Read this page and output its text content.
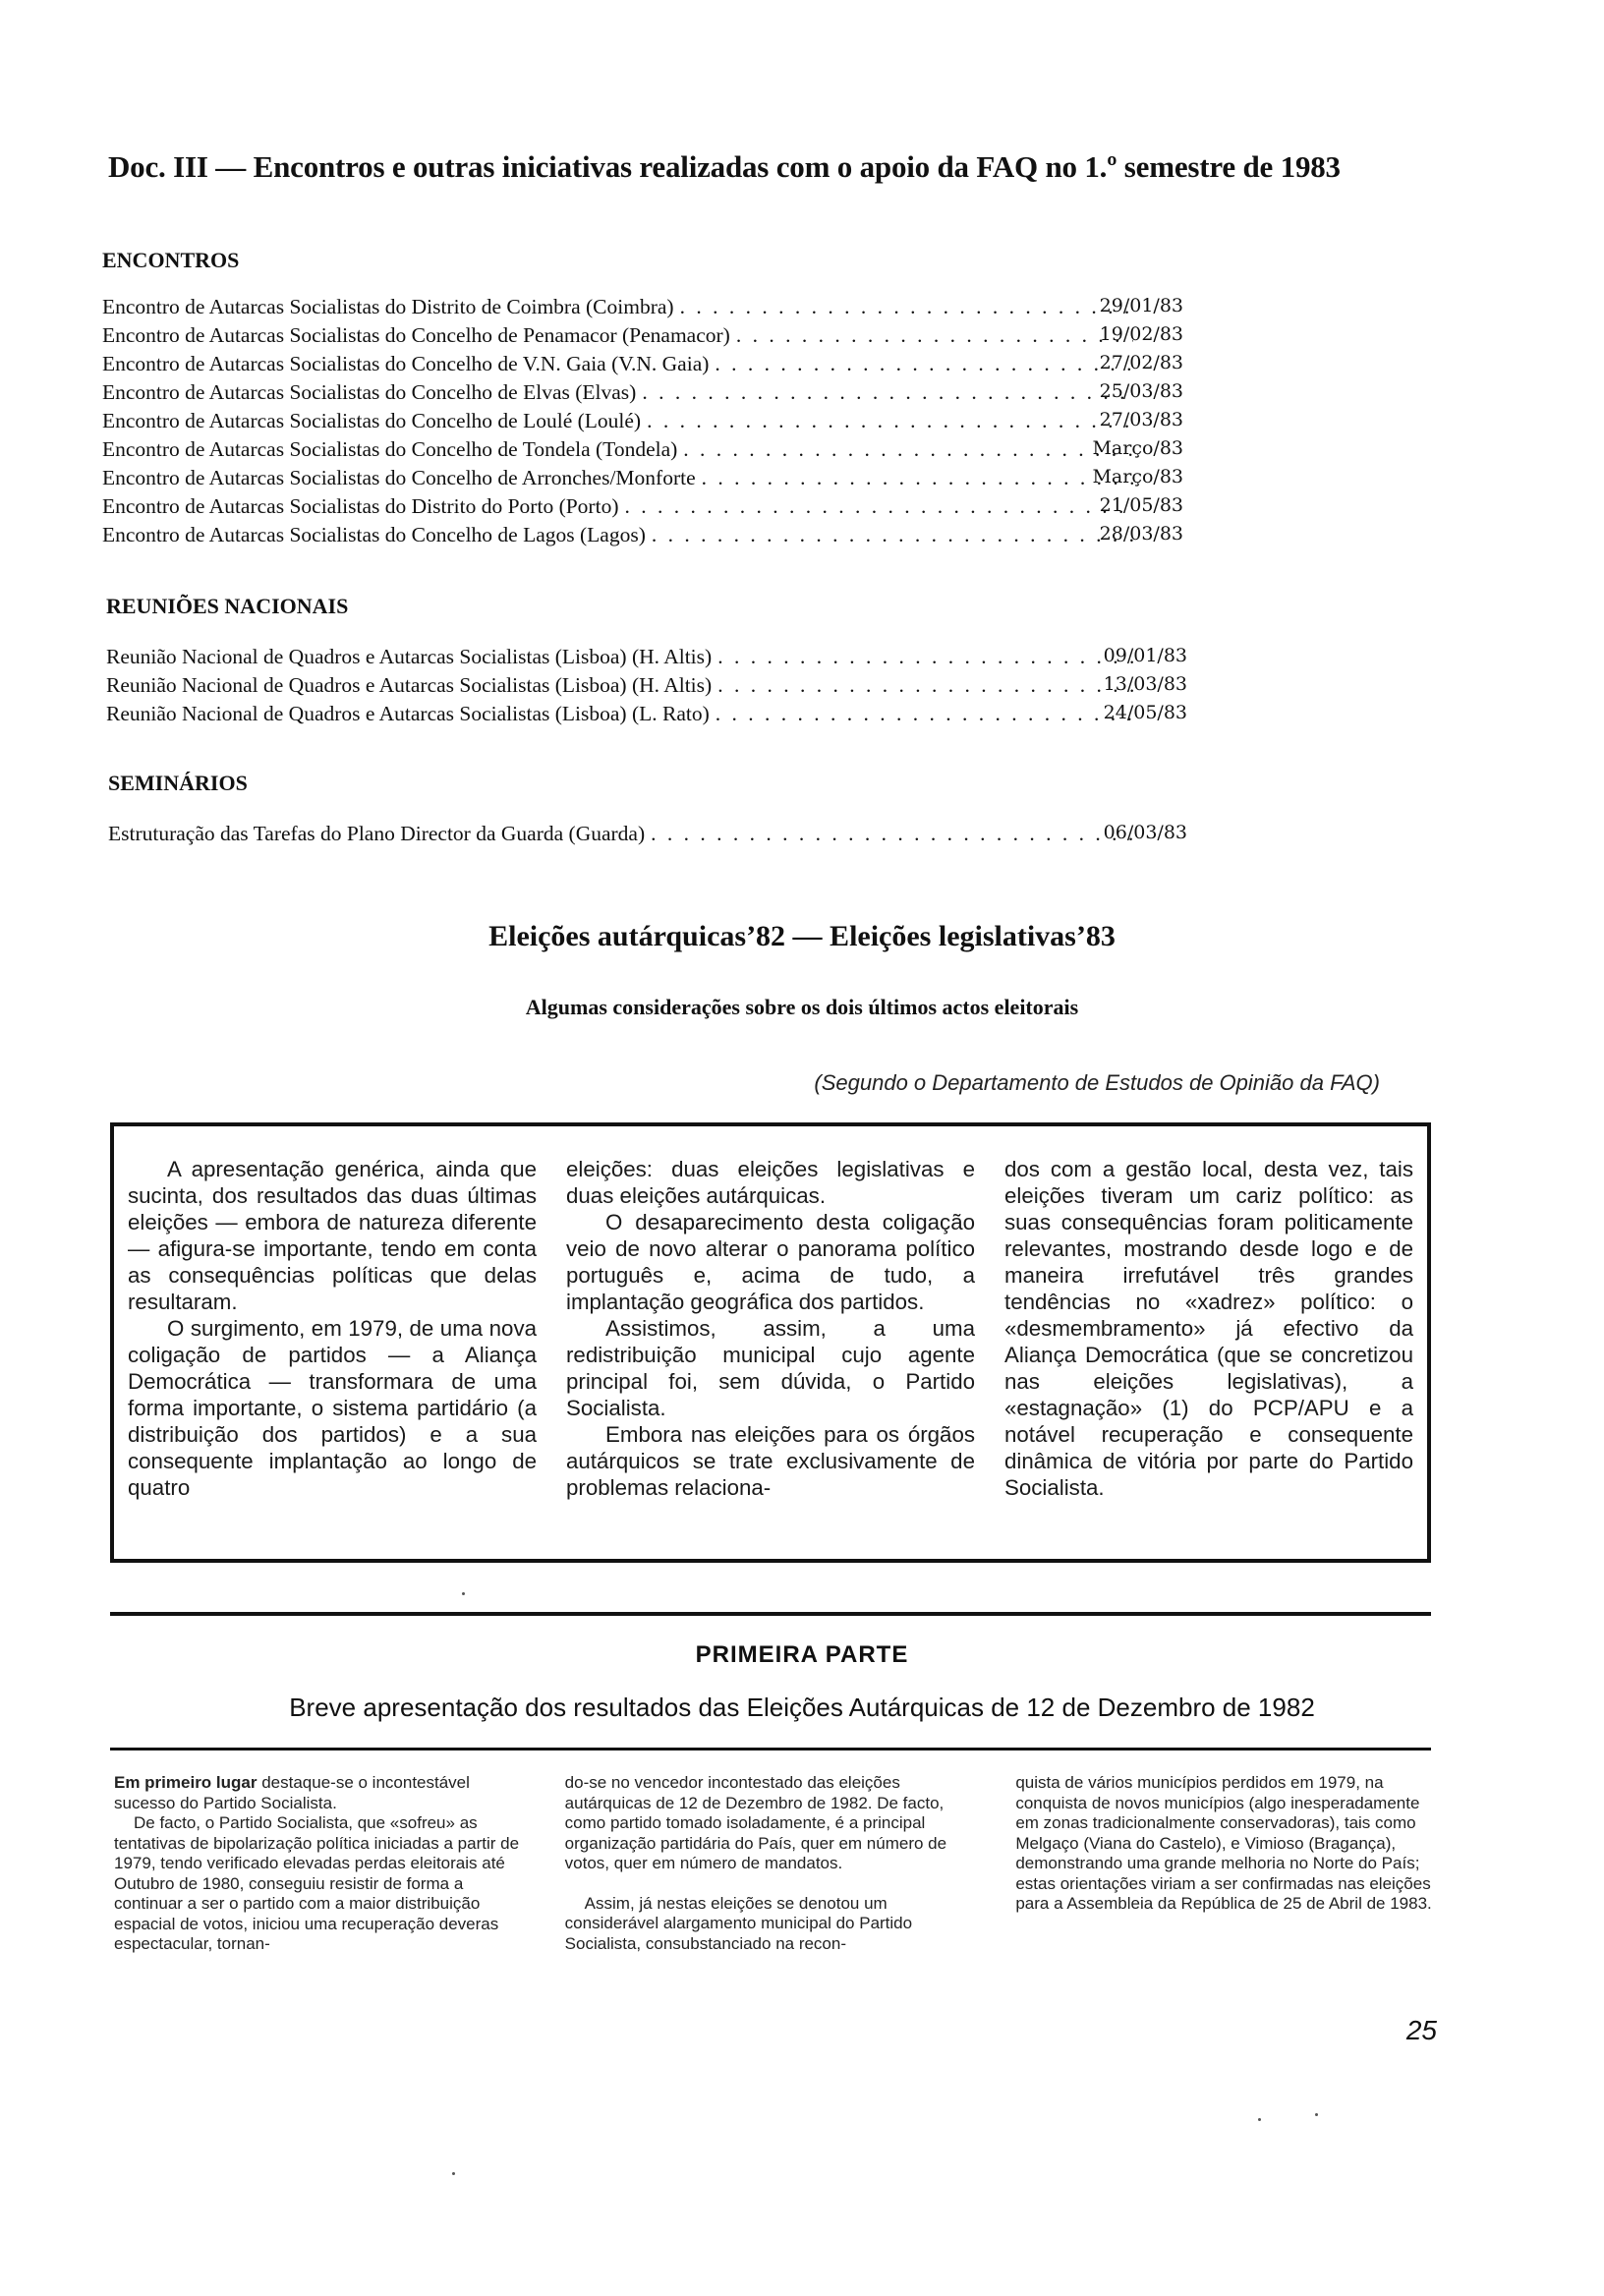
Doc. III — Encontros e outras iniciativas realizadas com o apoio da FAQ no 1.º semestre de 1983
ENCONTROS
Encontro de Autarcas Socialistas do Distrito de Coimbra (Coimbra) . . .	29/01/83
Encontro de Autarcas Socialistas do Concelho de Penamacor (Penamacor) . . .	19/02/83
Encontro de Autarcas Socialistas do Concelho de V.N. Gaia (V.N. Gaia) . . .	27/02/83
Encontro de Autarcas Socialistas do Concelho de Elvas (Elvas) . . .	25/03/83
Encontro de Autarcas Socialistas do Concelho de Loulé (Loulé) . . .	27/03/83
Encontro de Autarcas Socialistas do Concelho de Tondela (Tondela) . . .	Março/83
Encontro de Autarcas Socialistas do Concelho de Arronches/Monforte . . .	Março/83
Encontro de Autarcas Socialistas do Distrito do Porto (Porto) . . .	21/05/83
Encontro de Autarcas Socialistas do Concelho de Lagos (Lagos) . . .	28/03/83
REUNIÕES NACIONAIS
Reunião Nacional de Quadros e Autarcas Socialistas (Lisboa) (H. Altis) . . .	09/01/83
Reunião Nacional de Quadros e Autarcas Socialistas (Lisboa) (H. Altis) . . .	13/03/83
Reunião Nacional de Quadros e Autarcas Socialistas (Lisboa) (L. Rato) . . .	24/05/83
SEMINÁRIOS
Estruturação das Tarefas do Plano Director da Guarda (Guarda) . . .	06/03/83
Eleições autárquicas’82 — Eleições legislativas’83
Algumas considerações sobre os dois últimos actos eleitorais
(Segundo o Departamento de Estudos de Opinião da FAQ)

A apresentação genérica, ainda que sucinta, dos resultados das duas últimas eleições — embora de natureza diferente — afigura-se importante, tendo em conta as consequências políticas que delas resultaram.

O surgimento, em 1979, de uma nova coligação de partidos — a Aliança Democrática — transformara de uma forma importante, o sistema partidário (a distribuição dos partidos) e a sua consequente implantação ao longo de quatro

eleições: duas eleições legislativas e duas eleições autárquicas.

O desaparecimento desta coligação veio de novo alterar o panorama político português e, acima de tudo, a implantação geográfica dos partidos.

Assistimos, assim, a uma redistribuição municipal cujo agente principal foi, sem dúvida, o Partido Socialista.

Embora nas eleições para os órgãos autárquicos se trate exclusivamente de problemas relaciona-

dos com a gestão local, desta vez, tais eleições tiveram um cariz político: as suas consequências foram politicamente relevantes, mostrando desde logo e de maneira irrefutável três grandes tendências no «xadrez» político: o «desmembramento» já efectivo da Aliança Democrática (que se concretizou nas eleições legislativas), a «estagnação» (1) do PCP/APU e a notável recuperação e consequente dinâmica de vitória por parte do Partido Socialista.

PRIMEIRA PARTE
Breve apresentação dos resultados das Eleições Autárquicas de 12 de Dezembro de 1982

Em primeiro lugar destaque-se o incontestável sucesso do Partido Socialista.

De facto, o Partido Socialista, que «sofreu» as tentativas de bipolarização política iniciadas a partir de 1979, tendo verificado elevadas perdas eleitorais até Outubro de 1980, conseguiu resistir de forma a continuar a ser o partido com a maior distribuição espacial de votos, iniciou uma recuperação deveras espectacular, tornan-

do-se no vencedor incontestado das eleições autárquicas de 12 de Dezembro de 1982. De facto, como partido tomado isoladamente, é a principal organização partidária do País, quer em número de votos, quer em número de mandatos.

Assim, já nestas eleições se denotou um considerável alargamento municipal do Partido Socialista, consubstanciado na recon-

quista de vários municípios perdidos em 1979, na conquista de novos municípios (algo inesperadamente em zonas tradicionalmente conservadoras), tais como Melgaço (Viana do Castelo), e Vimioso (Bragança), demonstrando uma grande melhoria no Norte do País; estas orientações viriam a ser confirmadas nas eleições para a Assembleia da República de 25 de Abril de 1983.

25
